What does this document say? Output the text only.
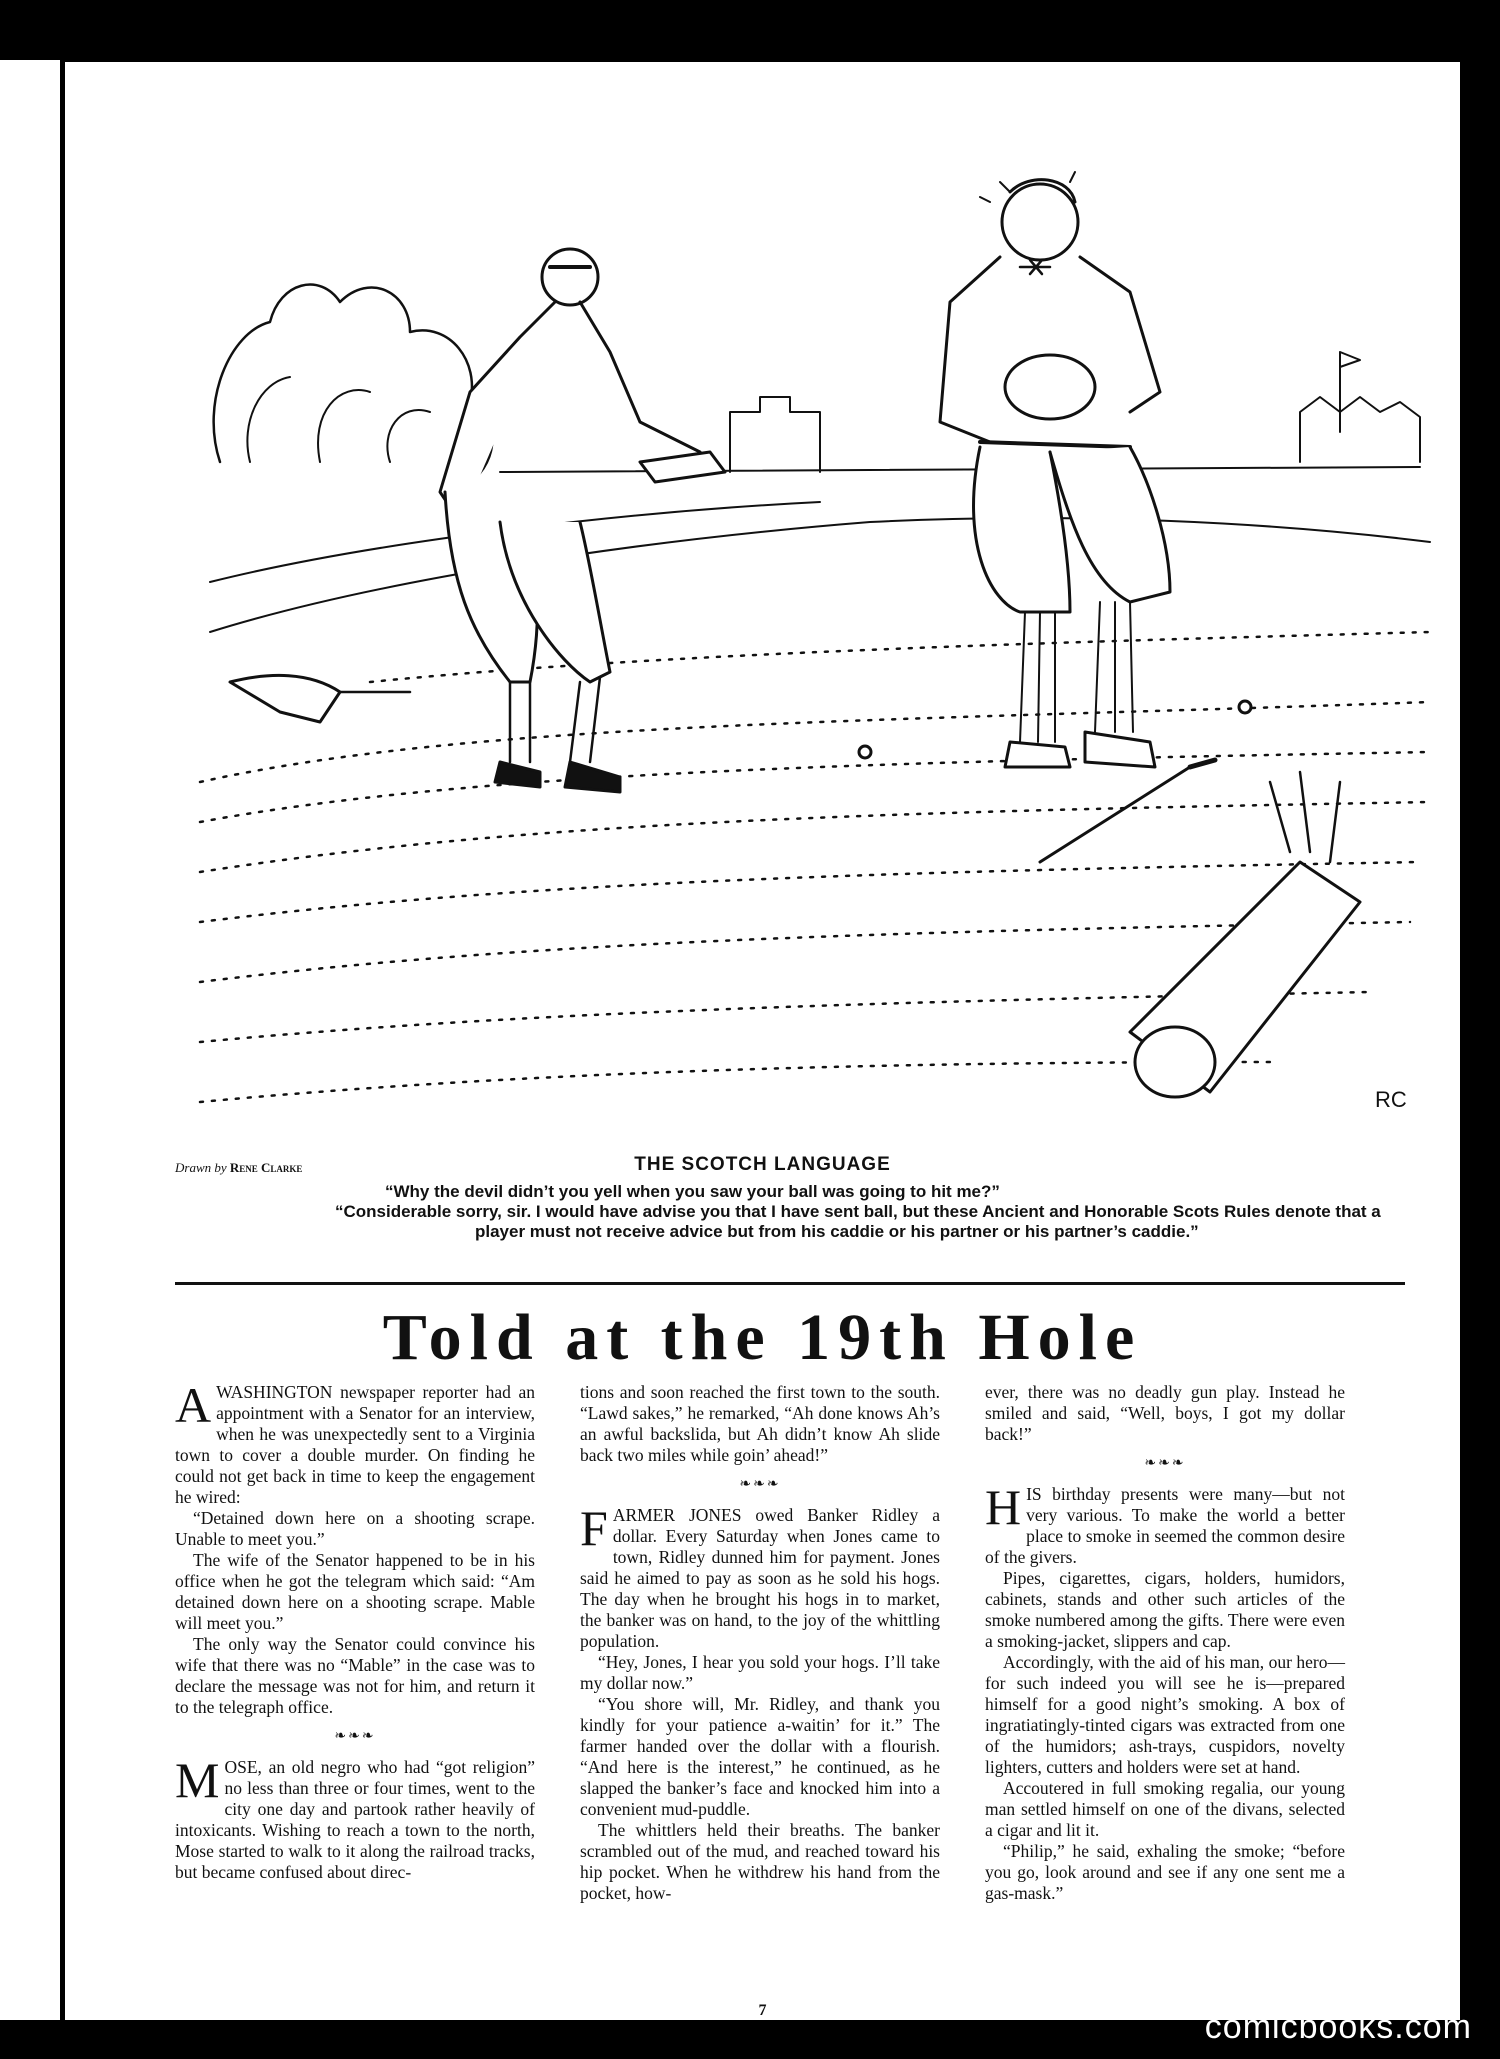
RC
Drawn by Rene Clarke	THE SCOTCH LANGUAGE

“Why the devil didn’t you yell when you saw your ball was going to hit me?”

“Considerable sorry, sir. I would have advise you that I have sent ball, but these Ancient and Honorable Scots Rules denote that a player must not receive advice but from his caddie or his partner or his partner’s caddie.”

Told at the 19th Hole

AWASHINGTON newspaper reporter had an appointment with a Senator for an interview, when he was unexpectedly sent to a Virginia town to cover a double murder. On finding he could not get back in time to keep the engagement he wired:

“Detained down here on a shooting scrape. Unable to meet you.”

The wife of the Senator happened to be in his office when he got the telegram which said: “Am detained down here on a shooting scrape. Mable will meet you.”

The only way the Senator could convince his wife that there was no “Mable” in the case was to declare the message was not for him, and return it to the telegraph office.

❧❧❧

MOSE, an old negro who had “got religion” no less than three or four times, went to the city one day and partook rather heavily of intoxicants. Wishing to reach a town to the north, Mose started to walk to it along the railroad tracks, but became confused about direc-

tions and soon reached the first town to the south. “Lawd sakes,” he remarked, “Ah done knows Ah’s an awful backslida, but Ah didn’t know Ah slide back two miles while goin’ ahead!”

❧❧❧

FARMER JONES owed Banker Ridley a dollar. Every Saturday when Jones came to town, Ridley dunned him for payment. Jones said he aimed to pay as soon as he sold his hogs. The day when he brought his hogs in to market, the banker was on hand, to the joy of the whittling population.

“Hey, Jones, I hear you sold your hogs. I’ll take my dollar now.”

“You shore will, Mr. Ridley, and thank you kindly for your patience a-waitin’ for it.” The farmer handed over the dollar with a flourish. “And here is the interest,” he continued, as he slapped the banker’s face and knocked him into a convenient mud-puddle.

The whittlers held their breaths. The banker scrambled out of the mud, and reached toward his hip pocket. When he withdrew his hand from the pocket, how-

ever, there was no deadly gun play. Instead he smiled and said, “Well, boys, I got my dollar back!”

❧❧❧

HIS birthday presents were many—but not very various. To make the world a better place to smoke in seemed the common desire of the givers.

Pipes, cigarettes, cigars, holders, humidors, cabinets, stands and other such articles of the smoke numbered among the gifts. There were even a smoking-jacket, slippers and cap.

Accordingly, with the aid of his man, our hero—for such indeed you will see he is—prepared himself for a good night’s smoking. A box of ingratiatingly-tinted cigars was extracted from one of the humidors; ash-trays, cuspidors, novelty lighters, cutters and holders were set at hand.

Accoutered in full smoking regalia, our young man settled himself on one of the divans, selected a cigar and lit it.

“Philip,” he said, exhaling the smoke; “before you go, look around and see if any one sent me a gas-mask.”

7	comicbooks.com
